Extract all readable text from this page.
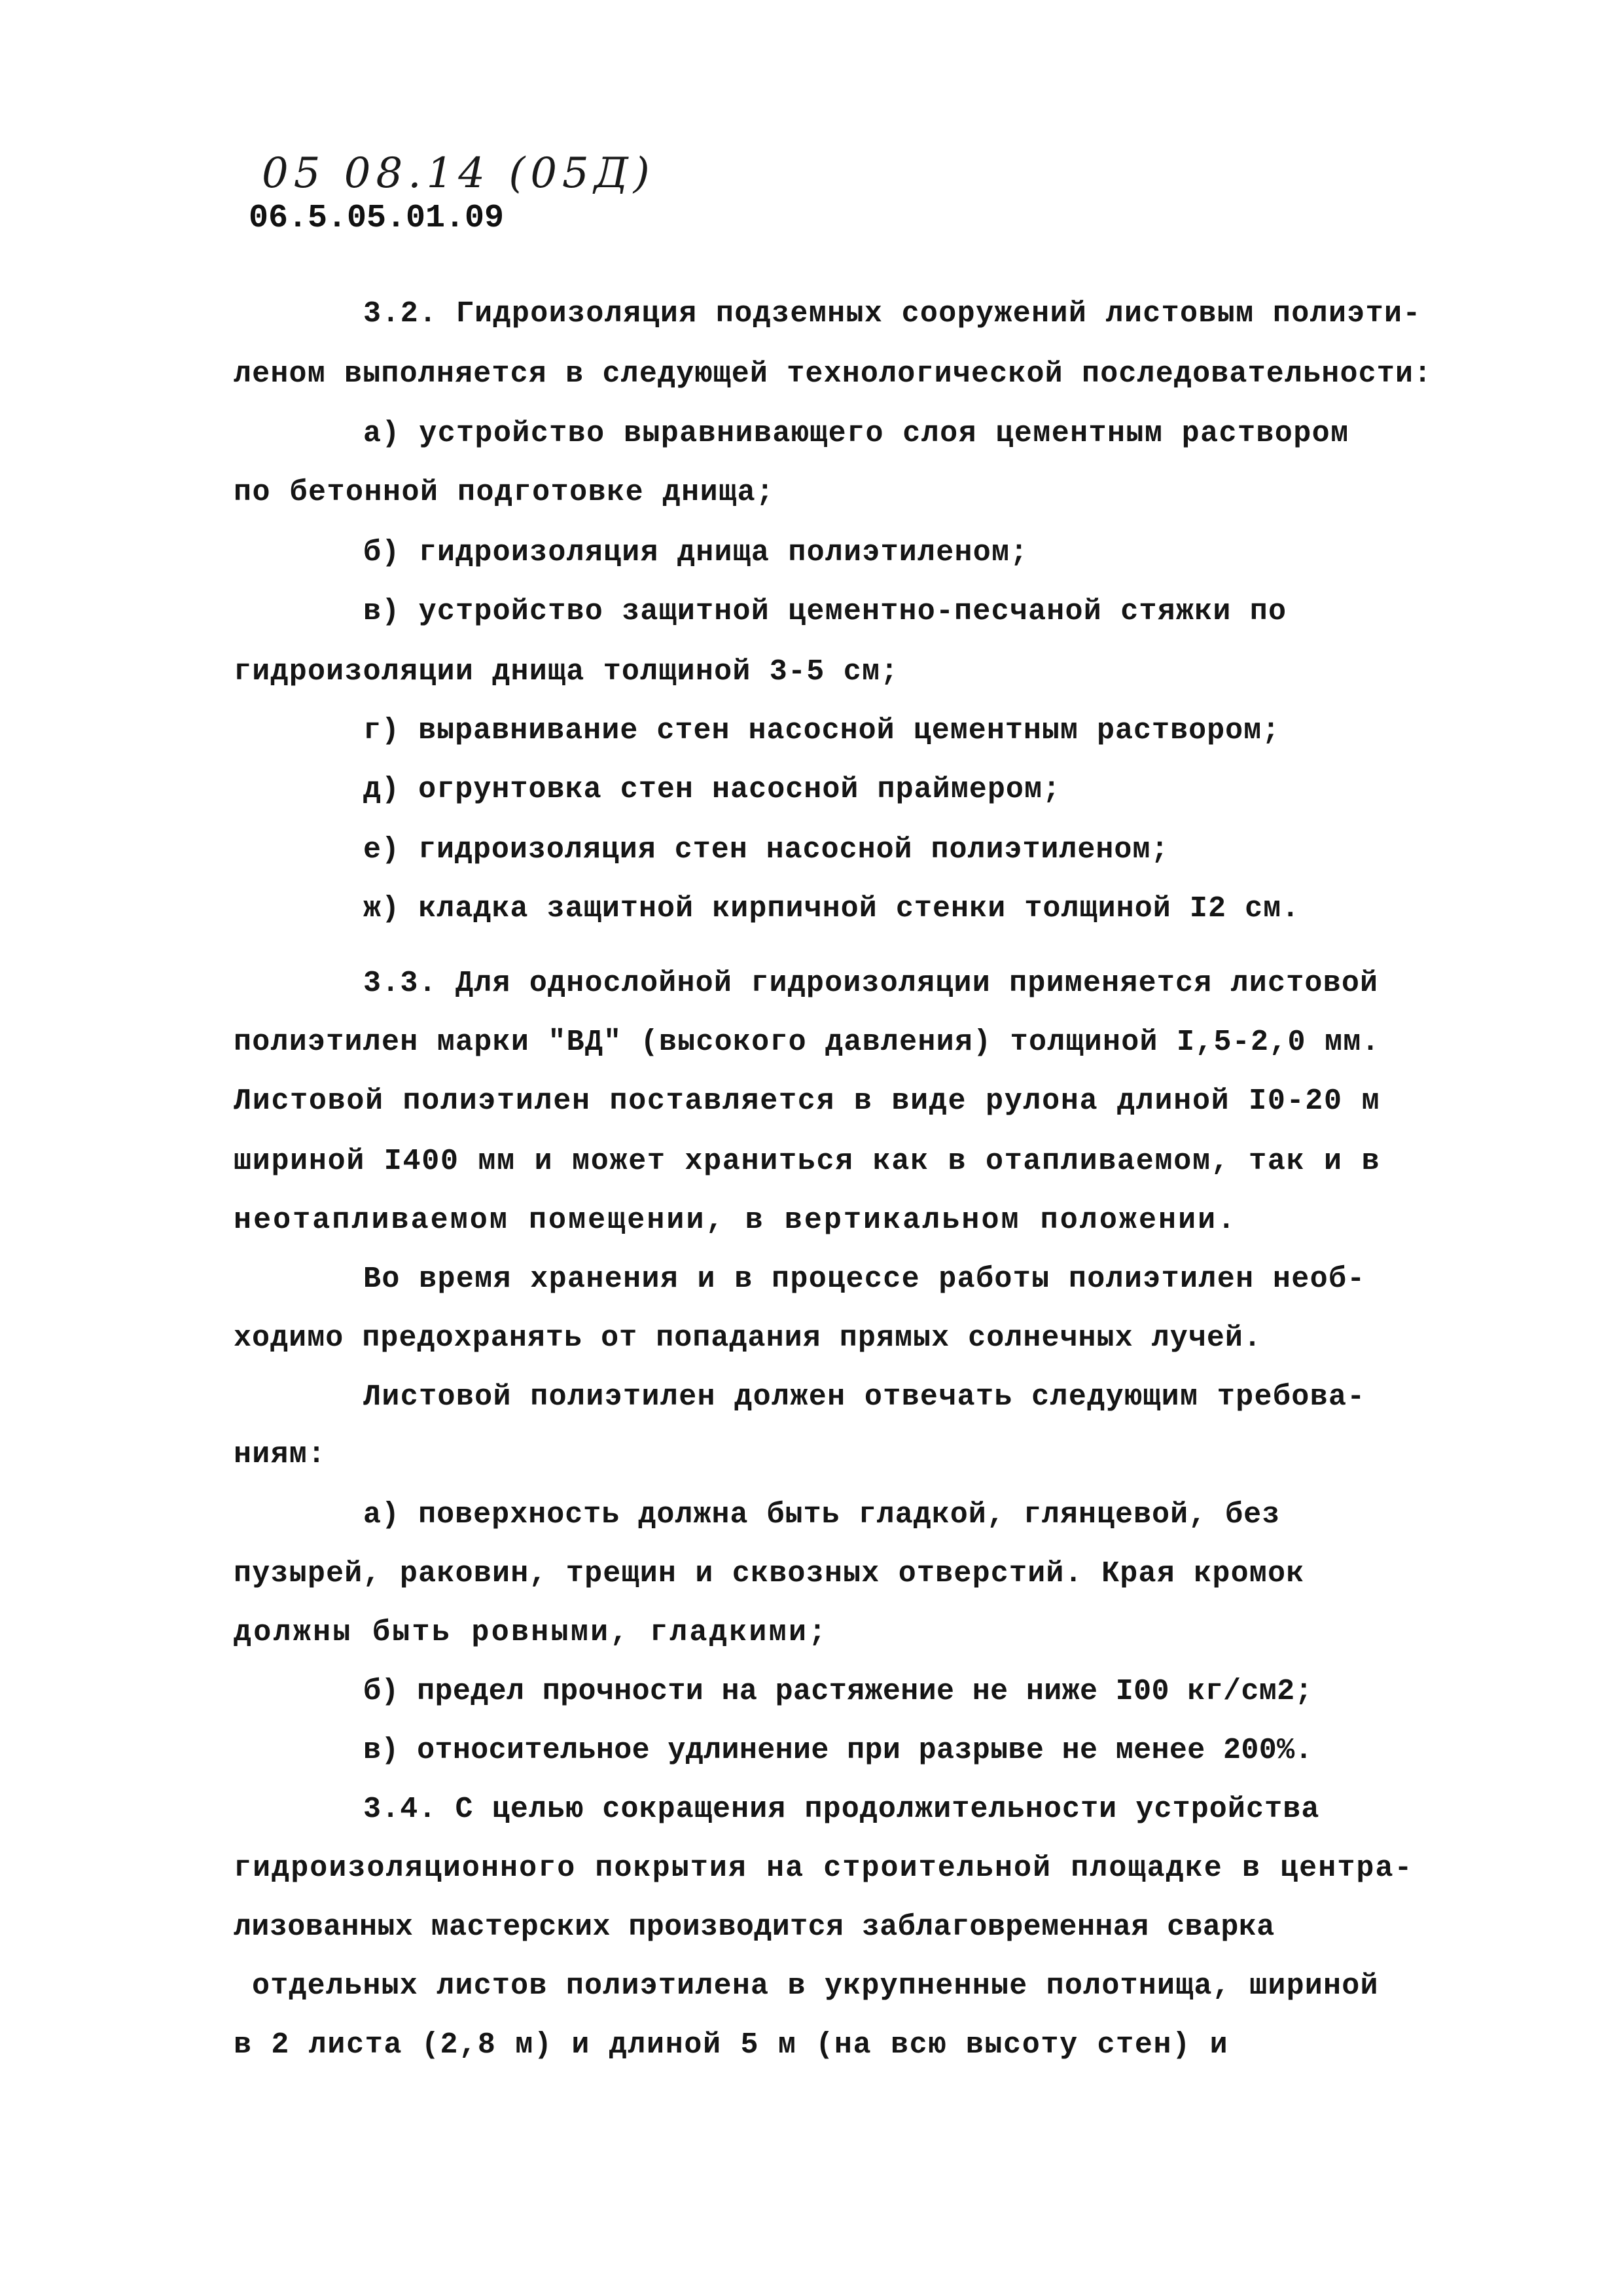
05 08.14 (05Д)
06.5.05.01.09
3.2. Гидроизоляция подземных сооружений листовым полиэти-
леном выполняется в следующей технологической последовательности:
а) устройство выравнивающего слоя цементным раствором
по бетонной подготовке днища;
б) гидроизоляция днища полиэтиленом;
в) устройство защитной цементно-песчаной стяжки по
гидроизоляции днища толщиной 3-5 см;
г) выравнивание стен насосной цементным раствором;
д) огрунтовка стен насосной праймером;
е) гидроизоляция стен насосной полиэтиленом;
ж) кладка защитной кирпичной стенки толщиной I2 см.
3.3. Для однослойной гидроизоляции применяется листовой
полиэтилен марки "ВД" (высокого давления) толщиной I,5-2,0 мм.
Листовой полиэтилен поставляется в виде рулона длиной I0-20 м
шириной I400 мм и может храниться как в отапливаемом, так и в
неотапливаемом помещении, в вертикальном положении.
Во время хранения и в процессе работы полиэтилен необ-
ходимо предохранять от попадания прямых солнечных лучей.
Листовой полиэтилен должен отвечать следующим требова-
ниям:
а) поверхность должна быть гладкой, глянцевой, без
пузырей, раковин, трещин и сквозных отверстий. Края кромок
должны быть ровными, гладкими;
б) предел прочности на растяжение не ниже I00 кг/см2;
в) относительное удлинение при разрыве не менее 200%.
3.4. С целью сокращения продолжительности устройства
гидроизоляционного покрытия на строительной площадке в центра-
лизованных мастерских производится заблаговременная сварка
отдельных листов полиэтилена в укрупненные полотнища, шириной
в 2 листа (2,8 м) и длиной 5 м (на всю высоту стен) и
